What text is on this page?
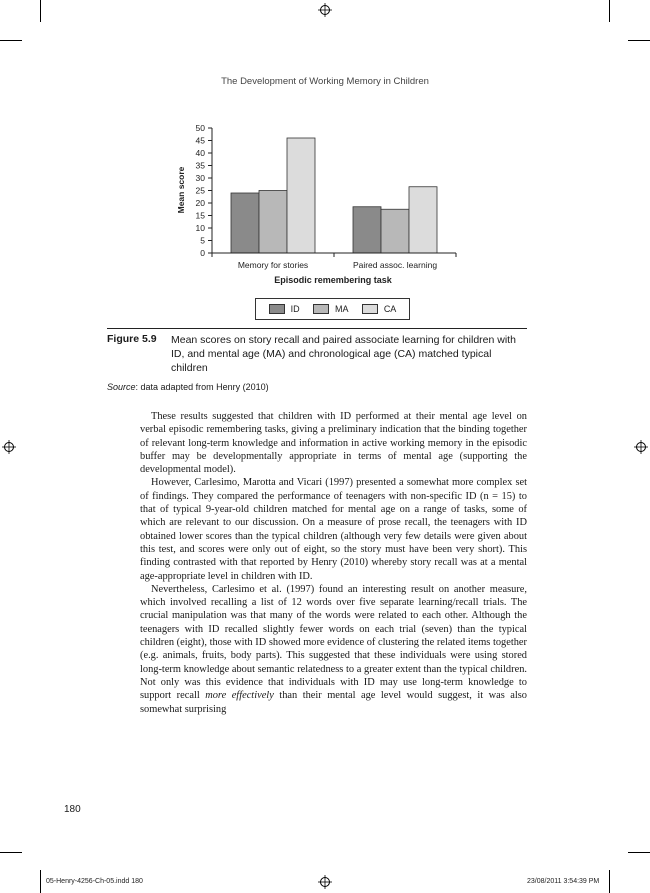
The Development of Working Memory in Children
Mean score
0
5
10
15
20
25
30
35
40
45
50
Memory for stories	Paired assoc. learning
Episodic remembering task
ID	MA	CA
Figure 5.9 Mean scores on story recall and paired associate learning for children with ID, and mental age (MA) and chronological age (CA) matched typical children
Source: data adapted from Henry (2010)

These results suggested that children with ID performed at their mental age level on verbal episodic remembering tasks, giving a preliminary indication that the binding together of relevant long-term knowledge and information in active working memory in the episodic buffer may be developmentally appropriate in terms of mental age (supporting the developmental model).

However, Carlesimo, Marotta and Vicari (1997) presented a somewhat more complex set of findings. They compared the performance of teenagers with non-specific ID (n = 15) to that of typical 9-year-old children matched for mental age on a range of tasks, some of which are relevant to our discussion. On a measure of prose recall, the teenagers with ID obtained lower scores than the typical children (although very few details were given about this test, and scores were only out of eight, so the story must have been very short). This finding contrasted with that reported by Henry (2010) whereby story recall was at a mental age-appropriate level in children with ID.

Nevertheless, Carlesimo et al. (1997) found an interesting result on another measure, which involved recalling a list of 12 words over five separate learning/recall trials. The crucial manipulation was that many of the words were related to each other. Although the teenagers with ID recalled slightly fewer words on each trial (seven) than the typical children (eight), those with ID showed more evidence of clustering the related items together (e.g. animals, fruits, body parts). This suggested that these individuals were using stored long-term knowledge about semantic relatedness to a greater extent than the typical children. Not only was this evidence that individuals with ID may use long-term knowledge to support recall more effectively than their mental age level would suggest, it was also somewhat surprising

180
05-Henry-4256-Ch-05.indd 180	23/08/2011 3:54:39 PM
